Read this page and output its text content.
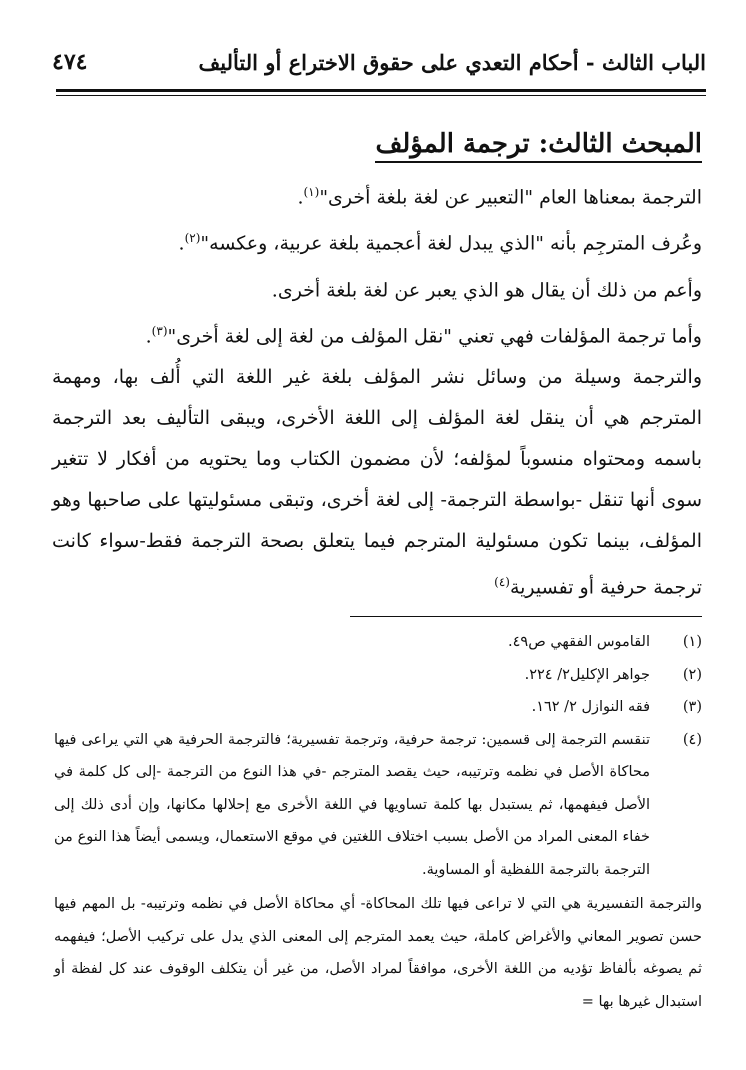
الباب الثالث - أحكام التعدي على حقوق الاختراع أو التأليف
٤٧٤
المبحث الثالث: ترجمة المؤلف

الترجمة بمعناها العام "التعبير عن لغة بلغة أخرى"$^{(١)}$.

وعُرف المترجِم بأنه "الذي يبدل لغة أعجمية بلغة عربية، وعكسه"$^{(٢)}$.

وأعم من ذلك أن يقال هو الذي يعبر عن لغة بلغة أخرى.

وأما ترجمة المؤلفات فهي تعني "نقل المؤلف من لغة إلى لغة أخرى"$^{(٣)}$.

والترجمة وسيلة من وسائل نشر المؤلف بلغة غير اللغة التي أُلف بها، ومهمة المترجم هي أن ينقل لغة المؤلف إلى اللغة الأخرى، ويبقى التأليف بعد الترجمة باسمه ومحتواه منسوباً لمؤلفه؛ لأن مضمون الكتاب وما يحتويه من أفكار لا تتغير سوى أنها تنقل -بواسطة الترجمة- إلى لغة أخرى، وتبقى مسئوليتها على صاحبها وهو المؤلف، بينما تكون مسئولية المترجم فيما يتعلق بصحة الترجمة فقط-سواء كانت ترجمة حرفية أو تفسيرية$^{(٤)}$

(١)
القاموس الفقهي ص٤٩.
(٢)
جواهر الإكليل٢/ ٢٢٤.
(٣)
فقه النوازل ٢/ ١٦٢.
(٤)
تنقسم الترجمة إلى قسمين: ترجمة حرفية، وترجمة تفسيرية؛ فالترجمة الحرفية هي التي يراعى فيها محاكاة الأصل في نظمه وترتيبه، حيث يقصد المترجم -في هذا النوع من الترجمة -إلى كل كلمة في الأصل فيفهمها، ثم يستبدل بها كلمة تساويها في اللغة الأخرى مع إحلالها مكانها، وإن أدى ذلك إلى خفاء المعنى المراد من الأصل بسبب اختلاف اللغتين في موقع الاستعمال، ويسمى أيضاً هذا النوع من الترجمة بالترجمة اللفظية أو المساوية.
والترجمة التفسيرية هي التي لا تراعى فيها تلك المحاكاة- أي محاكاة الأصل في نظمه وترتيبه- بل المهم فيها حسن تصوير المعاني والأغراض كاملة، حيث يعمد المترجم إلى المعنى الذي يدل على تركيب الأصل؛ فيفهمه ثم يصوغه بألفاظ تؤديه من اللغة الأخرى، موافقاً لمراد الأصل، من غير أن يتكلف الوقوف عند كل لفظة أو استبدال غيرها بها =
